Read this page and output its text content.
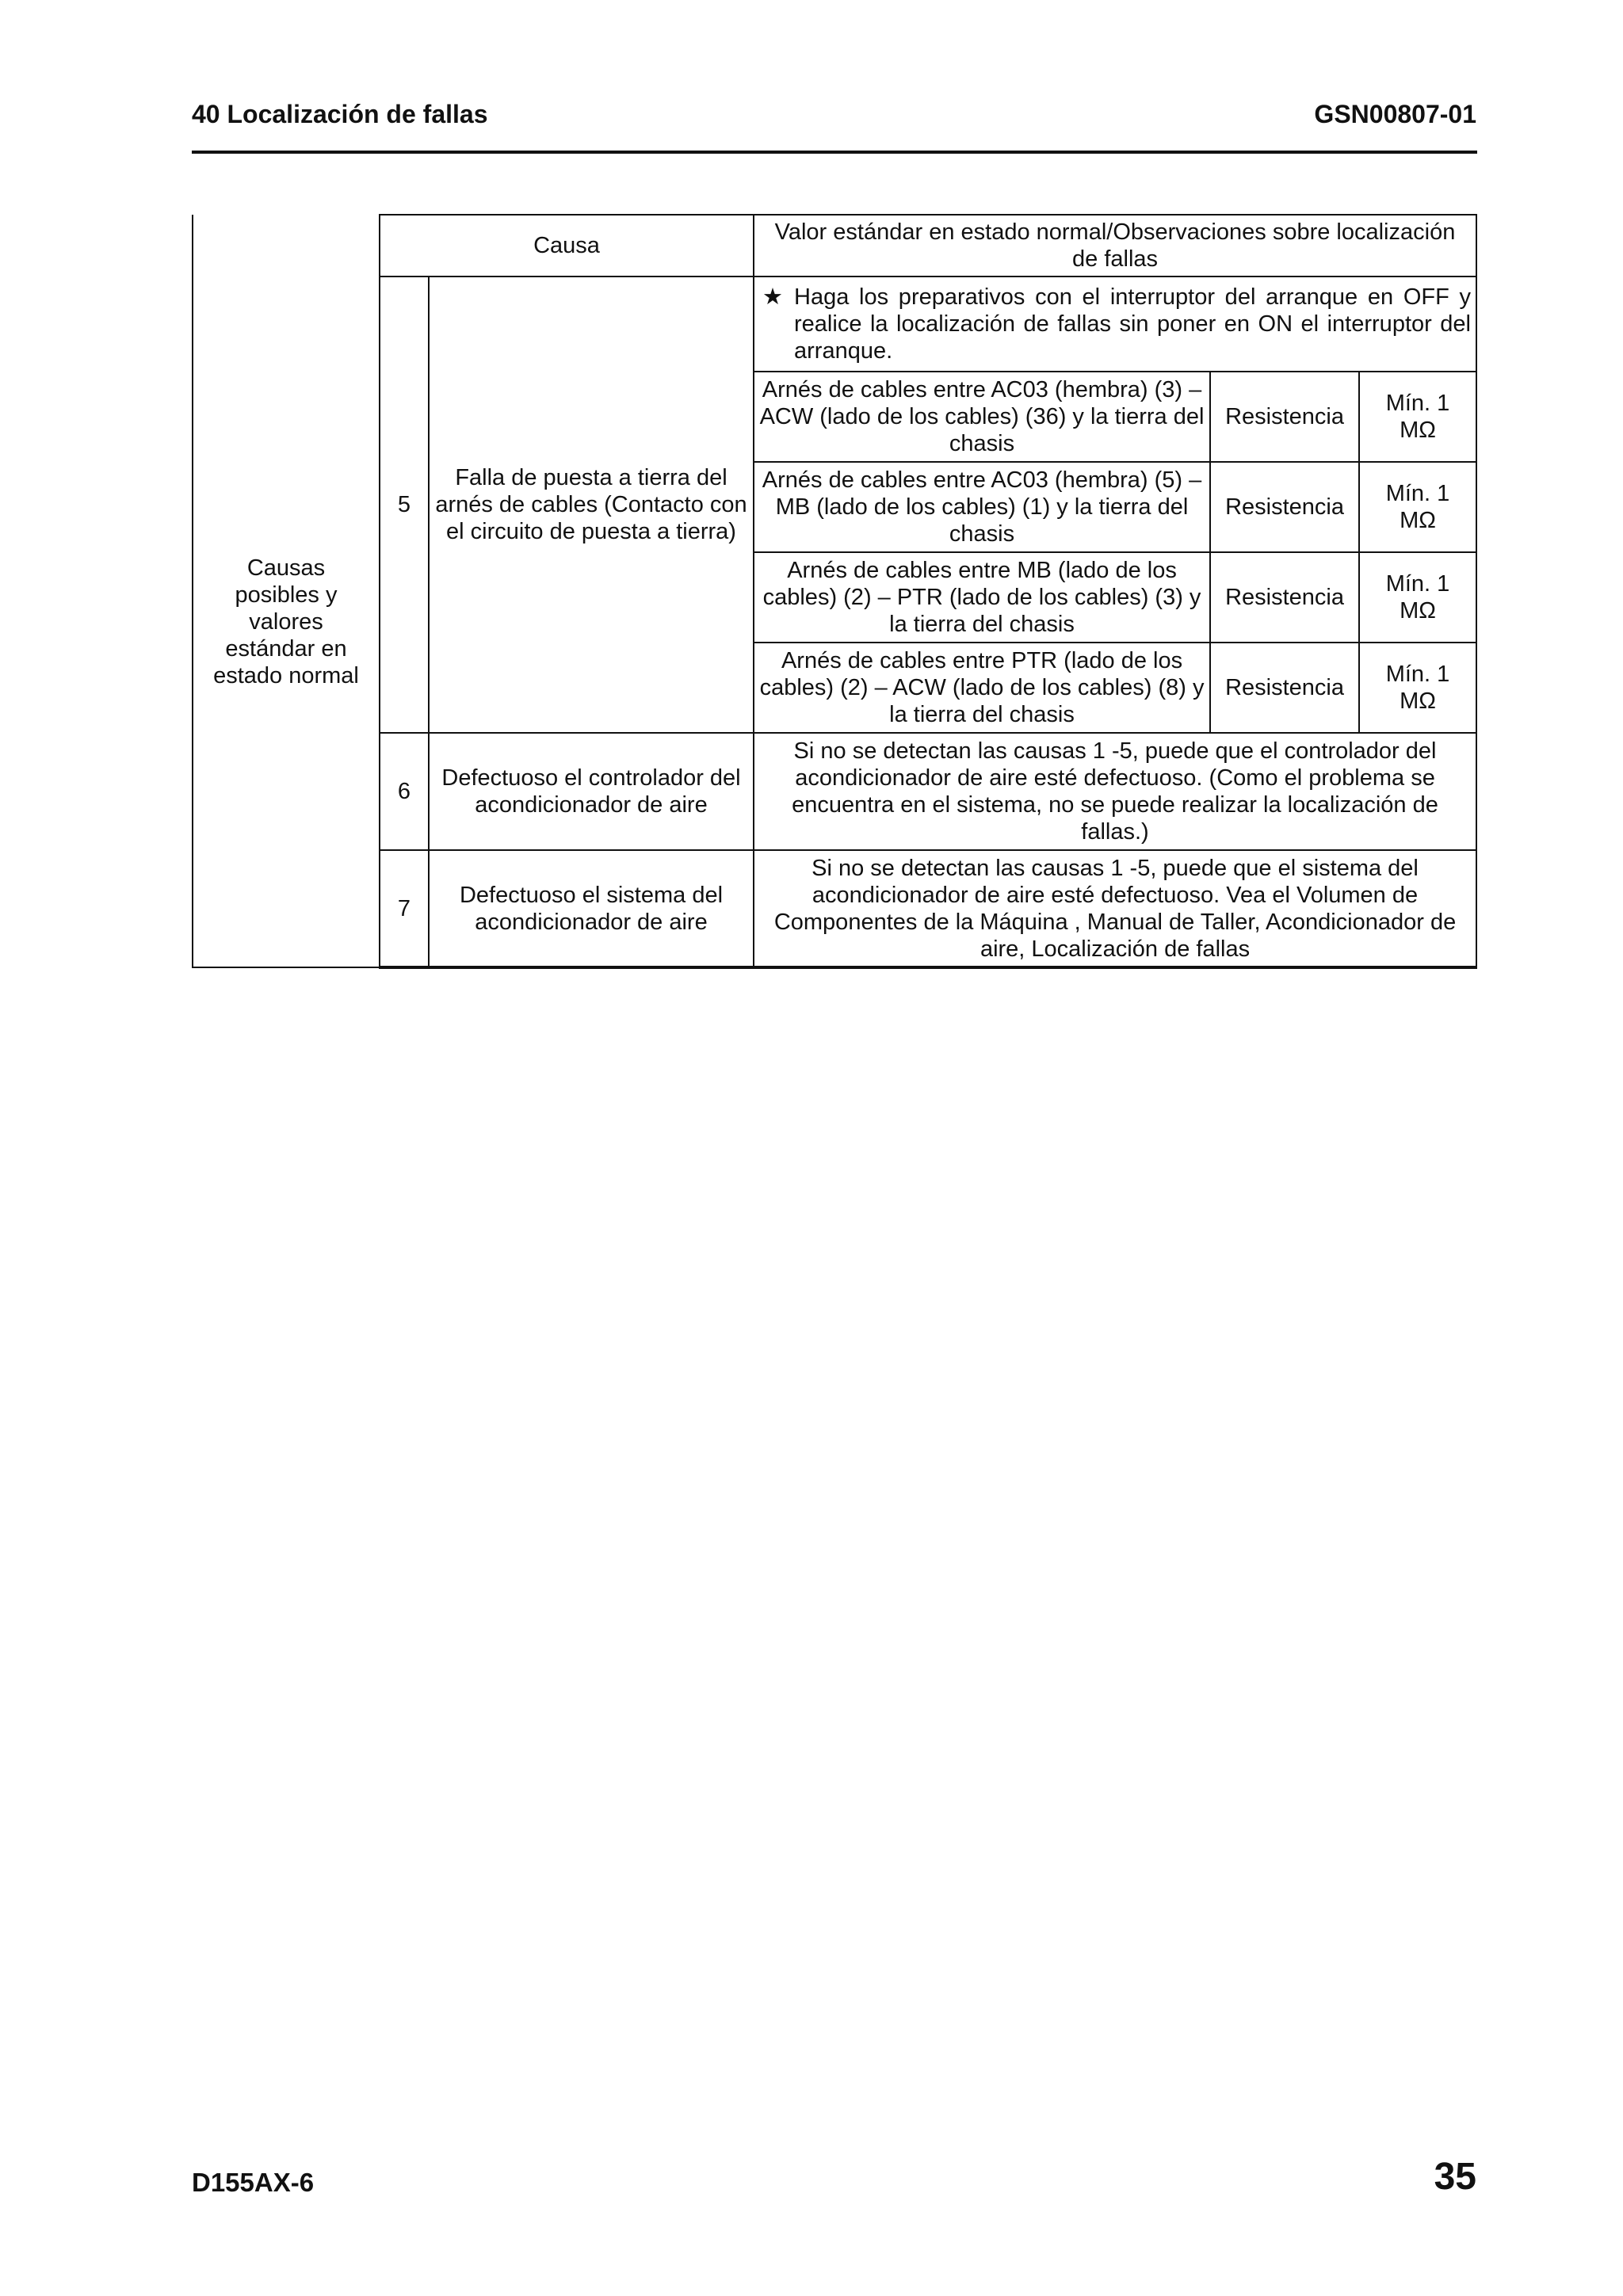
40 Localización de fallas	GSN00807-01
	Causa		Valor estándar en estado normal/Observaciones sobre localización de fallas		

Causas posibles y valores estándar en estado normal	5	Falla de puesta a tierra del arnés de cables (Contacto con el circuito de puesta a tierra)	★ Haga los preparativos con el interruptor del arranque en OFF y realice la localización de fallas sin poner en ON el interruptor del arranque.		

			Arnés de cables entre AC03 (hembra) (3) – ACW (lado de los cables) (36) y la tierra del chasis	Resistencia	Mín. 1 MΩ
			Arnés de cables entre AC03 (hembra) (5) – MB (lado de los cables) (1) y la tierra del chasis	Resistencia	Mín. 1 MΩ
			Arnés de cables entre MB (lado de los cables) (2) – PTR (lado de los cables) (3) y la tierra del chasis	Resistencia	Mín. 1 MΩ
			Arnés de cables entre PTR (lado de los cables) (2) – ACW (lado de los cables) (8) y la tierra del chasis	Resistencia	Mín. 1 MΩ
	6	Defectuoso el controlador del acondicionador de aire	Si no se detectan las causas 1 -5, puede que el controlador del acondicionador de aire esté defectuoso. (Como el problema se encuentra en el sistema, no se puede realizar la localización de fallas.)		
	7	Defectuoso el sistema del acondicionador de aire	Si no se detectan las causas 1 -5, puede que el sistema del acondicionador de aire esté defectuoso. Vea el Volumen de Componentes de la Máquina , Manual de Taller, Acondicionador de aire, Localización de fallas		
D155AX-6	35
